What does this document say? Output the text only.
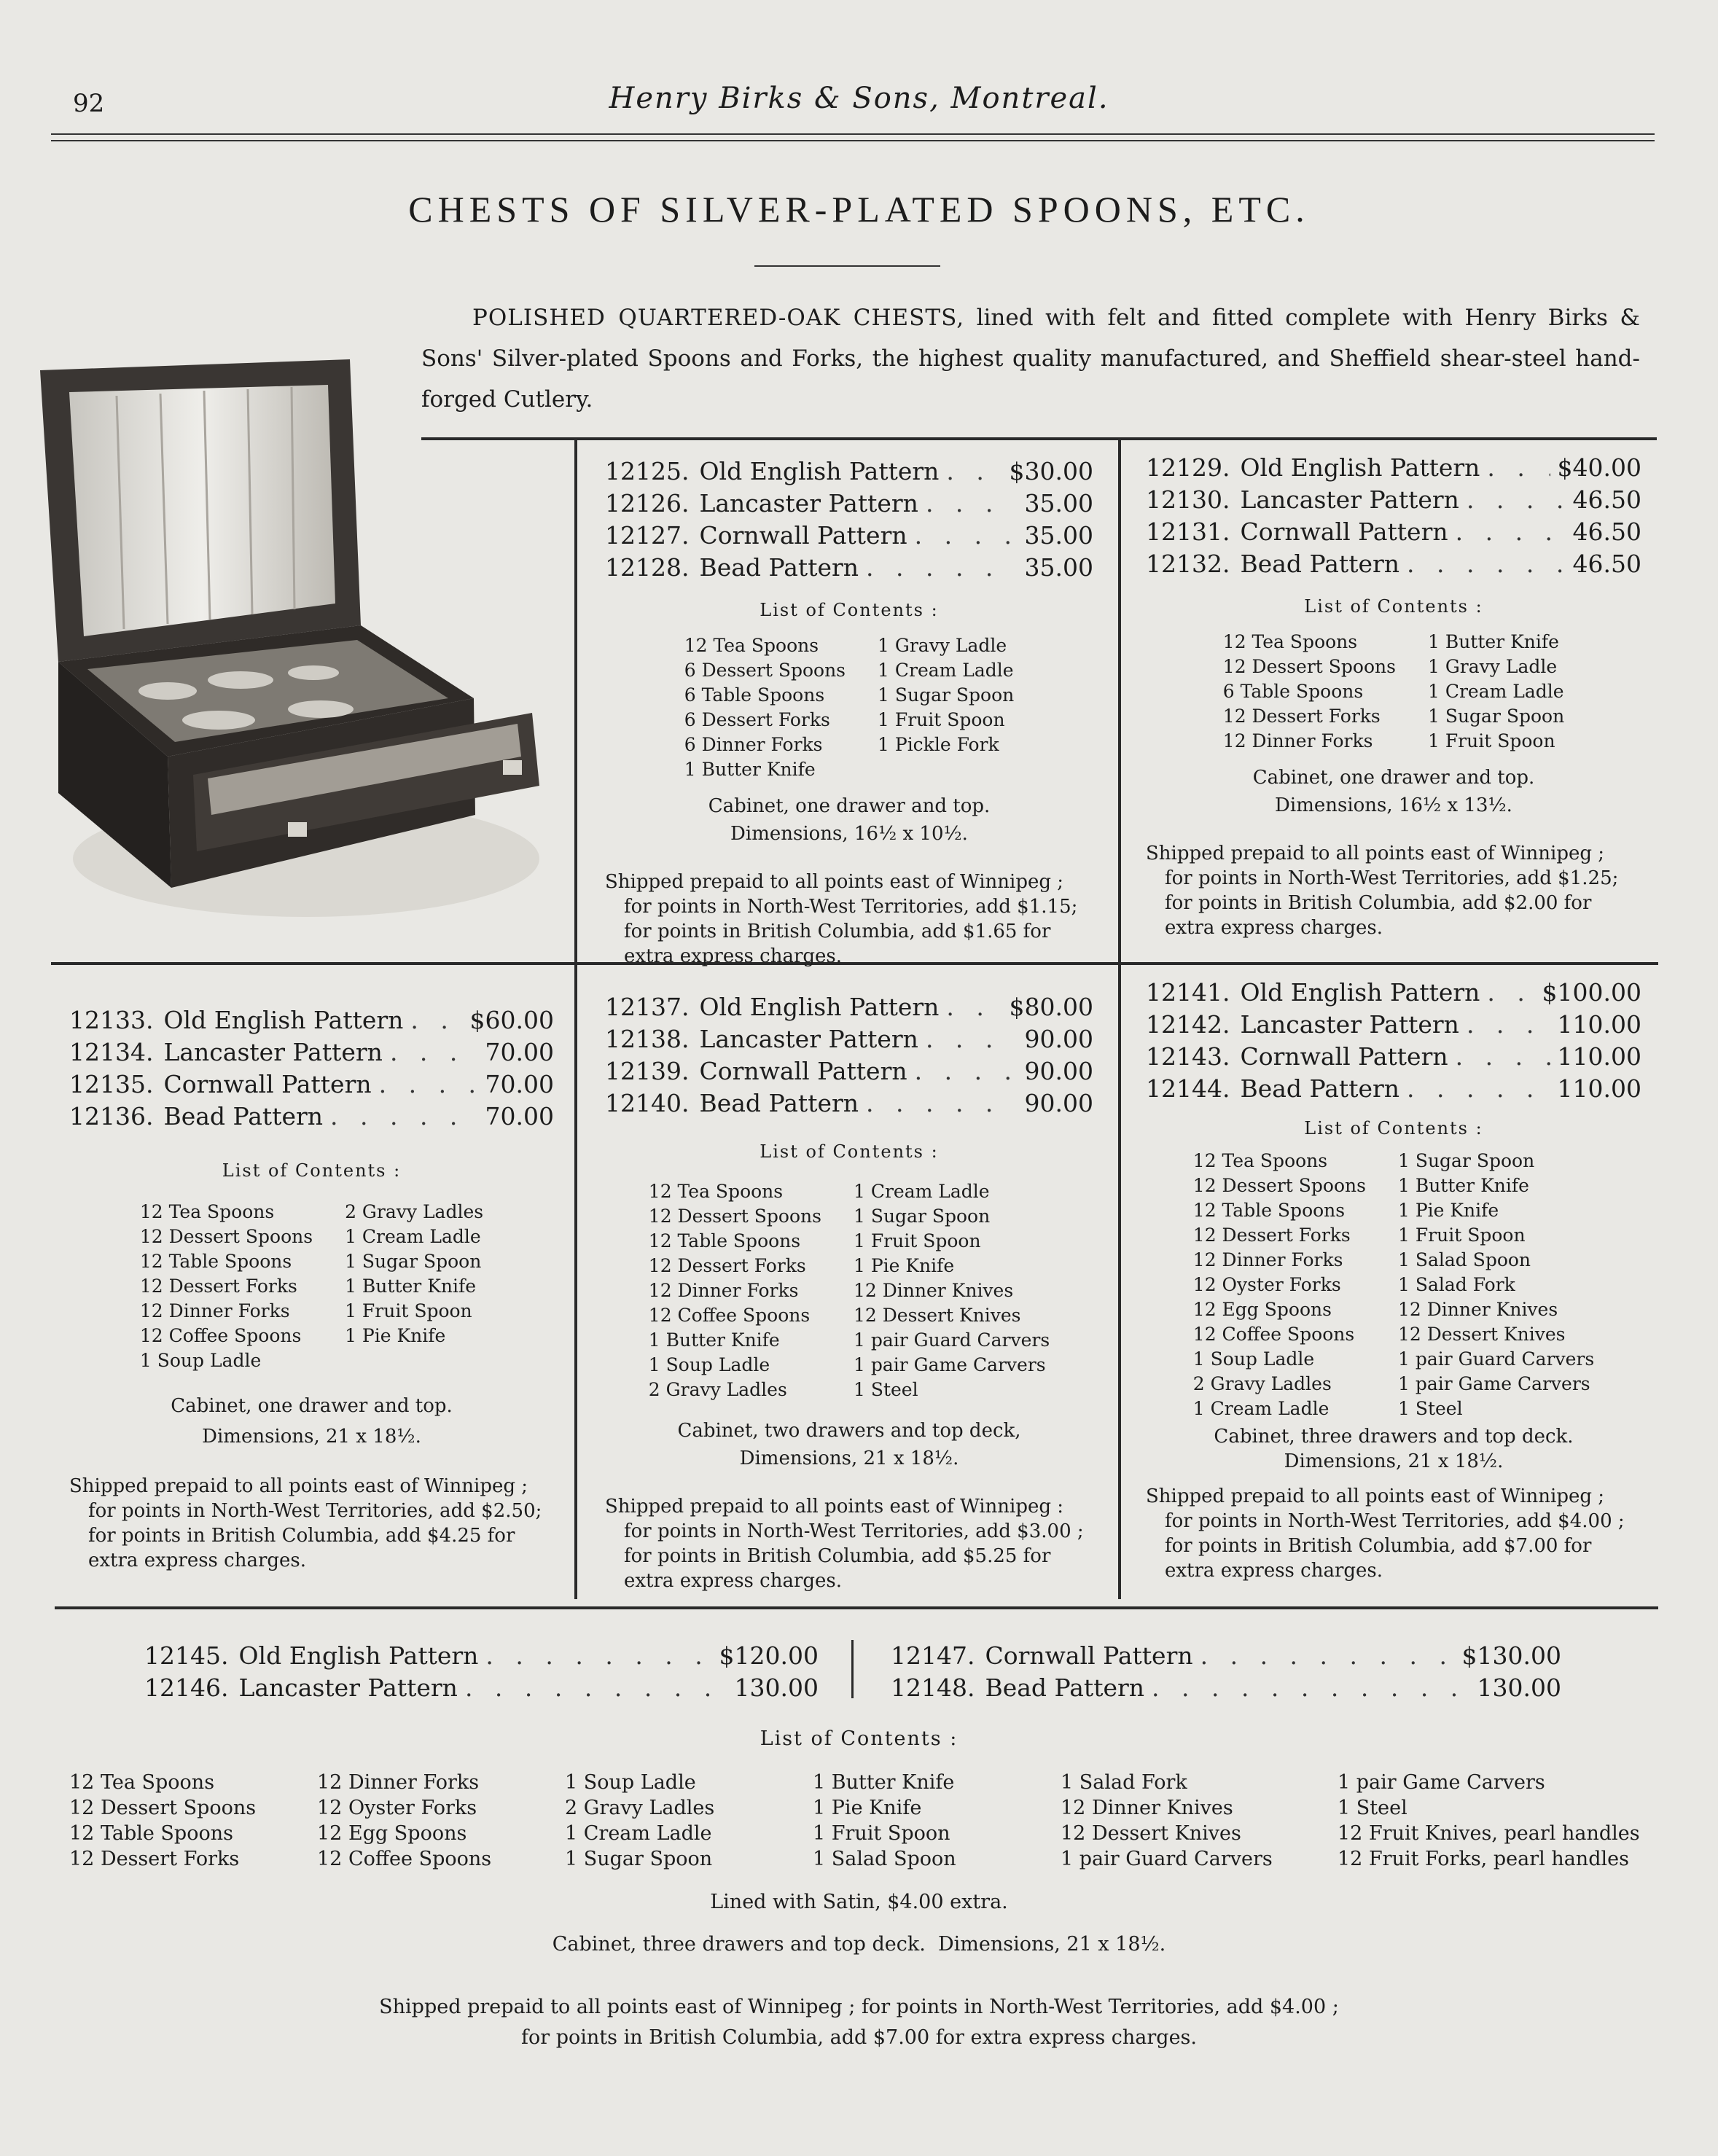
92	Henry Birks & Sons, Montreal.
CHESTS OF SILVER-PLATED SPOONS, ETC.
POLISHED QUARTERED-OAK CHESTS, lined with felt and fitted complete with Henry Birks & Sons' Silver-plated Spoons and Forks, the highest quality manufactured, and Sheffield shear-steel hand-forged Cutlery.
12125. Old English Pattern . . .	$30.00
12126. Lancaster Pattern . . .	35.00
12127. Cornwall Pattern . . .	35.00
12128. Bead Pattern . . .	35.00
List of Contents :
12 Tea Spoons
6 Dessert Spoons
6 Table Spoons
6 Dessert Forks
6 Dinner Forks
1 Butter Knife
1 Gravy Ladle
1 Cream Ladle
1 Sugar Spoon
1 Fruit Spoon
1 Pickle Fork
Cabinet, one drawer and top.
Dimensions, 16½ x 10½.
Shipped prepaid to all points east of Winnipeg ;
for points in North-West Territories, add $1.15;
for points in British Columbia, add $1.65 for
extra express charges.
12129. Old English Pattern . . .	$40.00
12130. Lancaster Pattern . . .	46.50
12131. Cornwall Pattern . . .	46.50
12132. Bead Pattern . . .	46.50
List of Contents :
12 Tea Spoons
12 Dessert Spoons
6 Table Spoons
12 Dessert Forks
12 Dinner Forks
1 Butter Knife
1 Gravy Ladle
1 Cream Ladle
1 Sugar Spoon
1 Fruit Spoon
Cabinet, one drawer and top.
Dimensions, 16½ x 13½.
Shipped prepaid to all points east of Winnipeg ;
for points in North-West Territories, add $1.25;
for points in British Columbia, add $2.00 for
extra express charges.
12133. Old English Pattern . . .	$60.00
12134. Lancaster Pattern . . .	70.00
12135. Cornwall Pattern . . .	70.00
12136. Bead Pattern . . .	70.00
List of Contents :
12 Tea Spoons
12 Dessert Spoons
12 Table Spoons
12 Dessert Forks
12 Dinner Forks
12 Coffee Spoons
1 Soup Ladle
2 Gravy Ladles
1 Cream Ladle
1 Sugar Spoon
1 Butter Knife
1 Fruit Spoon
1 Pie Knife
Cabinet, one drawer and top.
Dimensions, 21 x 18½.
Shipped prepaid to all points east of Winnipeg ;
for points in North-West Territories, add $2.50;
for points in British Columbia, add $4.25 for
extra express charges.
12137. Old English Pattern . . .	$80.00
12138. Lancaster Pattern . . .	90.00
12139. Cornwall Pattern . . .	90.00
12140. Bead Pattern . . .	90.00
List of Contents :
12 Tea Spoons
12 Dessert Spoons
12 Table Spoons
12 Dessert Forks
12 Dinner Forks
12 Coffee Spoons
1 Butter Knife
1 Soup Ladle
2 Gravy Ladles
1 Cream Ladle
1 Sugar Spoon
1 Fruit Spoon
1 Pie Knife
12 Dinner Knives
12 Dessert Knives
1 pair Guard Carvers
1 pair Game Carvers
1 Steel
Cabinet, two drawers and top deck,
Dimensions, 21 x 18½.
Shipped prepaid to all points east of Winnipeg :
for points in North-West Territories, add $3.00 ;
for points in British Columbia, add $5.25 for
extra express charges.
12141. Old English Pattern . . .	$100.00
12142. Lancaster Pattern . . .	110.00
12143. Cornwall Pattern . . .	110.00
12144. Bead Pattern . . .	110.00
List of Contents :
12 Tea Spoons
12 Dessert Spoons
12 Table Spoons
12 Dessert Forks
12 Dinner Forks
12 Oyster Forks
12 Egg Spoons
12 Coffee Spoons
1 Soup Ladle
2 Gravy Ladles
1 Cream Ladle
1 Sugar Spoon
1 Butter Knife
1 Pie Knife
1 Fruit Spoon
1 Salad Spoon
1 Salad Fork
12 Dinner Knives
12 Dessert Knives
1 pair Guard Carvers
1 pair Game Carvers
1 Steel
Cabinet, three drawers and top deck.
Dimensions, 21 x 18½.
Shipped prepaid to all points east of Winnipeg ;
for points in North-West Territories, add $4.00 ;
for points in British Columbia, add $7.00 for
extra express charges.
12145. Old English Pattern . . .	$120.00
12146. Lancaster Pattern . . .	130.00
12147. Cornwall Pattern . . .	$130.00
12148. Bead Pattern . . .	130.00
List of Contents :
12 Tea Spoons
12 Dessert Spoons
12 Table Spoons
12 Dessert Forks
12 Dinner Forks
12 Oyster Forks
12 Egg Spoons
12 Coffee Spoons
1 Soup Ladle
2 Gravy Ladles
1 Cream Ladle
1 Sugar Spoon
1 Butter Knife
1 Pie Knife
1 Fruit Spoon
1 Salad Spoon
1 Salad Fork
12 Dinner Knives
12 Dessert Knives
1 pair Guard Carvers
1 pair Game Carvers
1 Steel
12 Fruit Knives, pearl handles
12 Fruit Forks, pearl handles
Lined with Satin, $4.00 extra.
Cabinet, three drawers and top deck.  Dimensions, 21 x 18½.
Shipped prepaid to all points east of Winnipeg ; for points in North-West Territories, add $4.00 ;
for points in British Columbia, add $7.00 for extra express charges.
